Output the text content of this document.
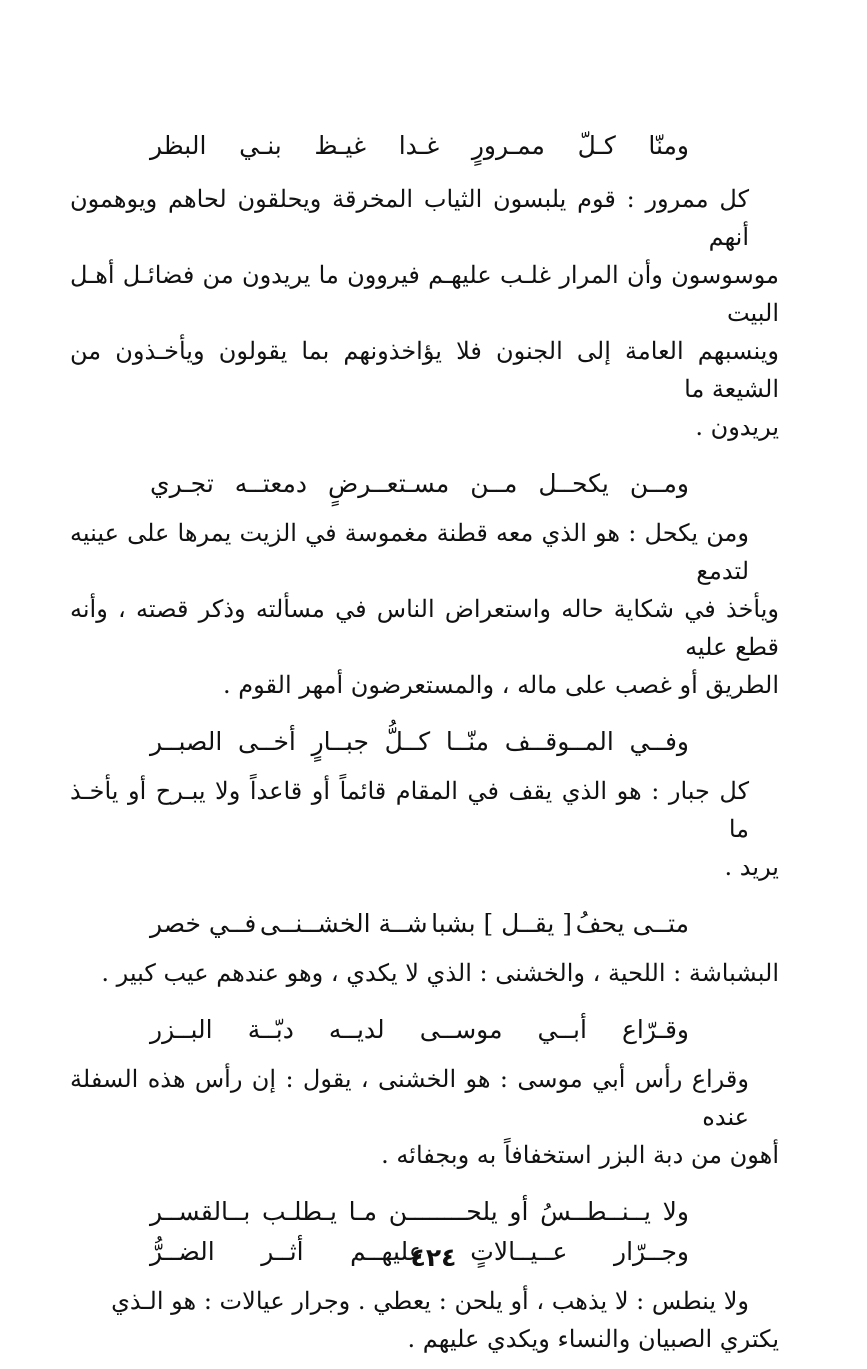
ومنّا
كـلّ
ممـرورٍ
غـدا
غيـظ
بنـي
البظر
كل ممرور : قوم يلبسون الثياب المخرقة ويحلقون لحاهم ويوهمون أنهم
موسوسون وأن المرار غلـب عليهـم فيروون ما يريدون من فضائـل أهـل البيت
وينسبهم العامة إلى الجنون فلا يؤاخذونهم بما يقولون ويأخـذون من الشيعة ما
يريدون .
ومــن
يكحــل
مــن
مسـتعــرضٍ
دمعتــه
تجـري
ومن يكحل : هو الذي معه قطنة مغموسة في الزيت يمرها على عينيه لتدمع
ويأخذ في شكاية حاله واستعراض الناس في مسألته وذكر قصته ، وأنه قطع عليه
الطريق أو غصب على ماله ، والمستعرضون أمهر القوم .
وفــي
المــوقــف
منّــا
كــلُّ
جبــارٍ
أخــى
الصبــر
كل جبار : هو الذي يقف في المقام قائماً أو قاعداً ولا يبـرح أو يأخـذ ما
يريد .
متــى يحفُ
[ يقــل ] بشبا
شــة الخشــنــى
فــي خصر
البشباشة : اللحية ، والخشنى : الذي لا يكدي ، وهو عندهم عيب كبير .
وقـرّاع
أبــي
موســى
لديــه
دبّــة
البــزر
وقراع رأس أبي موسى : هو الخشنى ، يقول : إن رأس هذه السفلة عنده
أهون من دبة البزر استخفافاً به وبجفائه .
ولا
يــنــطــسُ
أو
يلحــــــــن
مـا
يـطلـب
بــالقســر
وجــرّار
عــيــالاتٍ
عليهــم
أثــر
الضــرُّ
ولا ينطس : لا يذهب ، أو يلحن : يعطي . وجرار عيالات : هو الـذي
يكتري الصبيان والنساء ويكدي عليهم .
٤٢٤
